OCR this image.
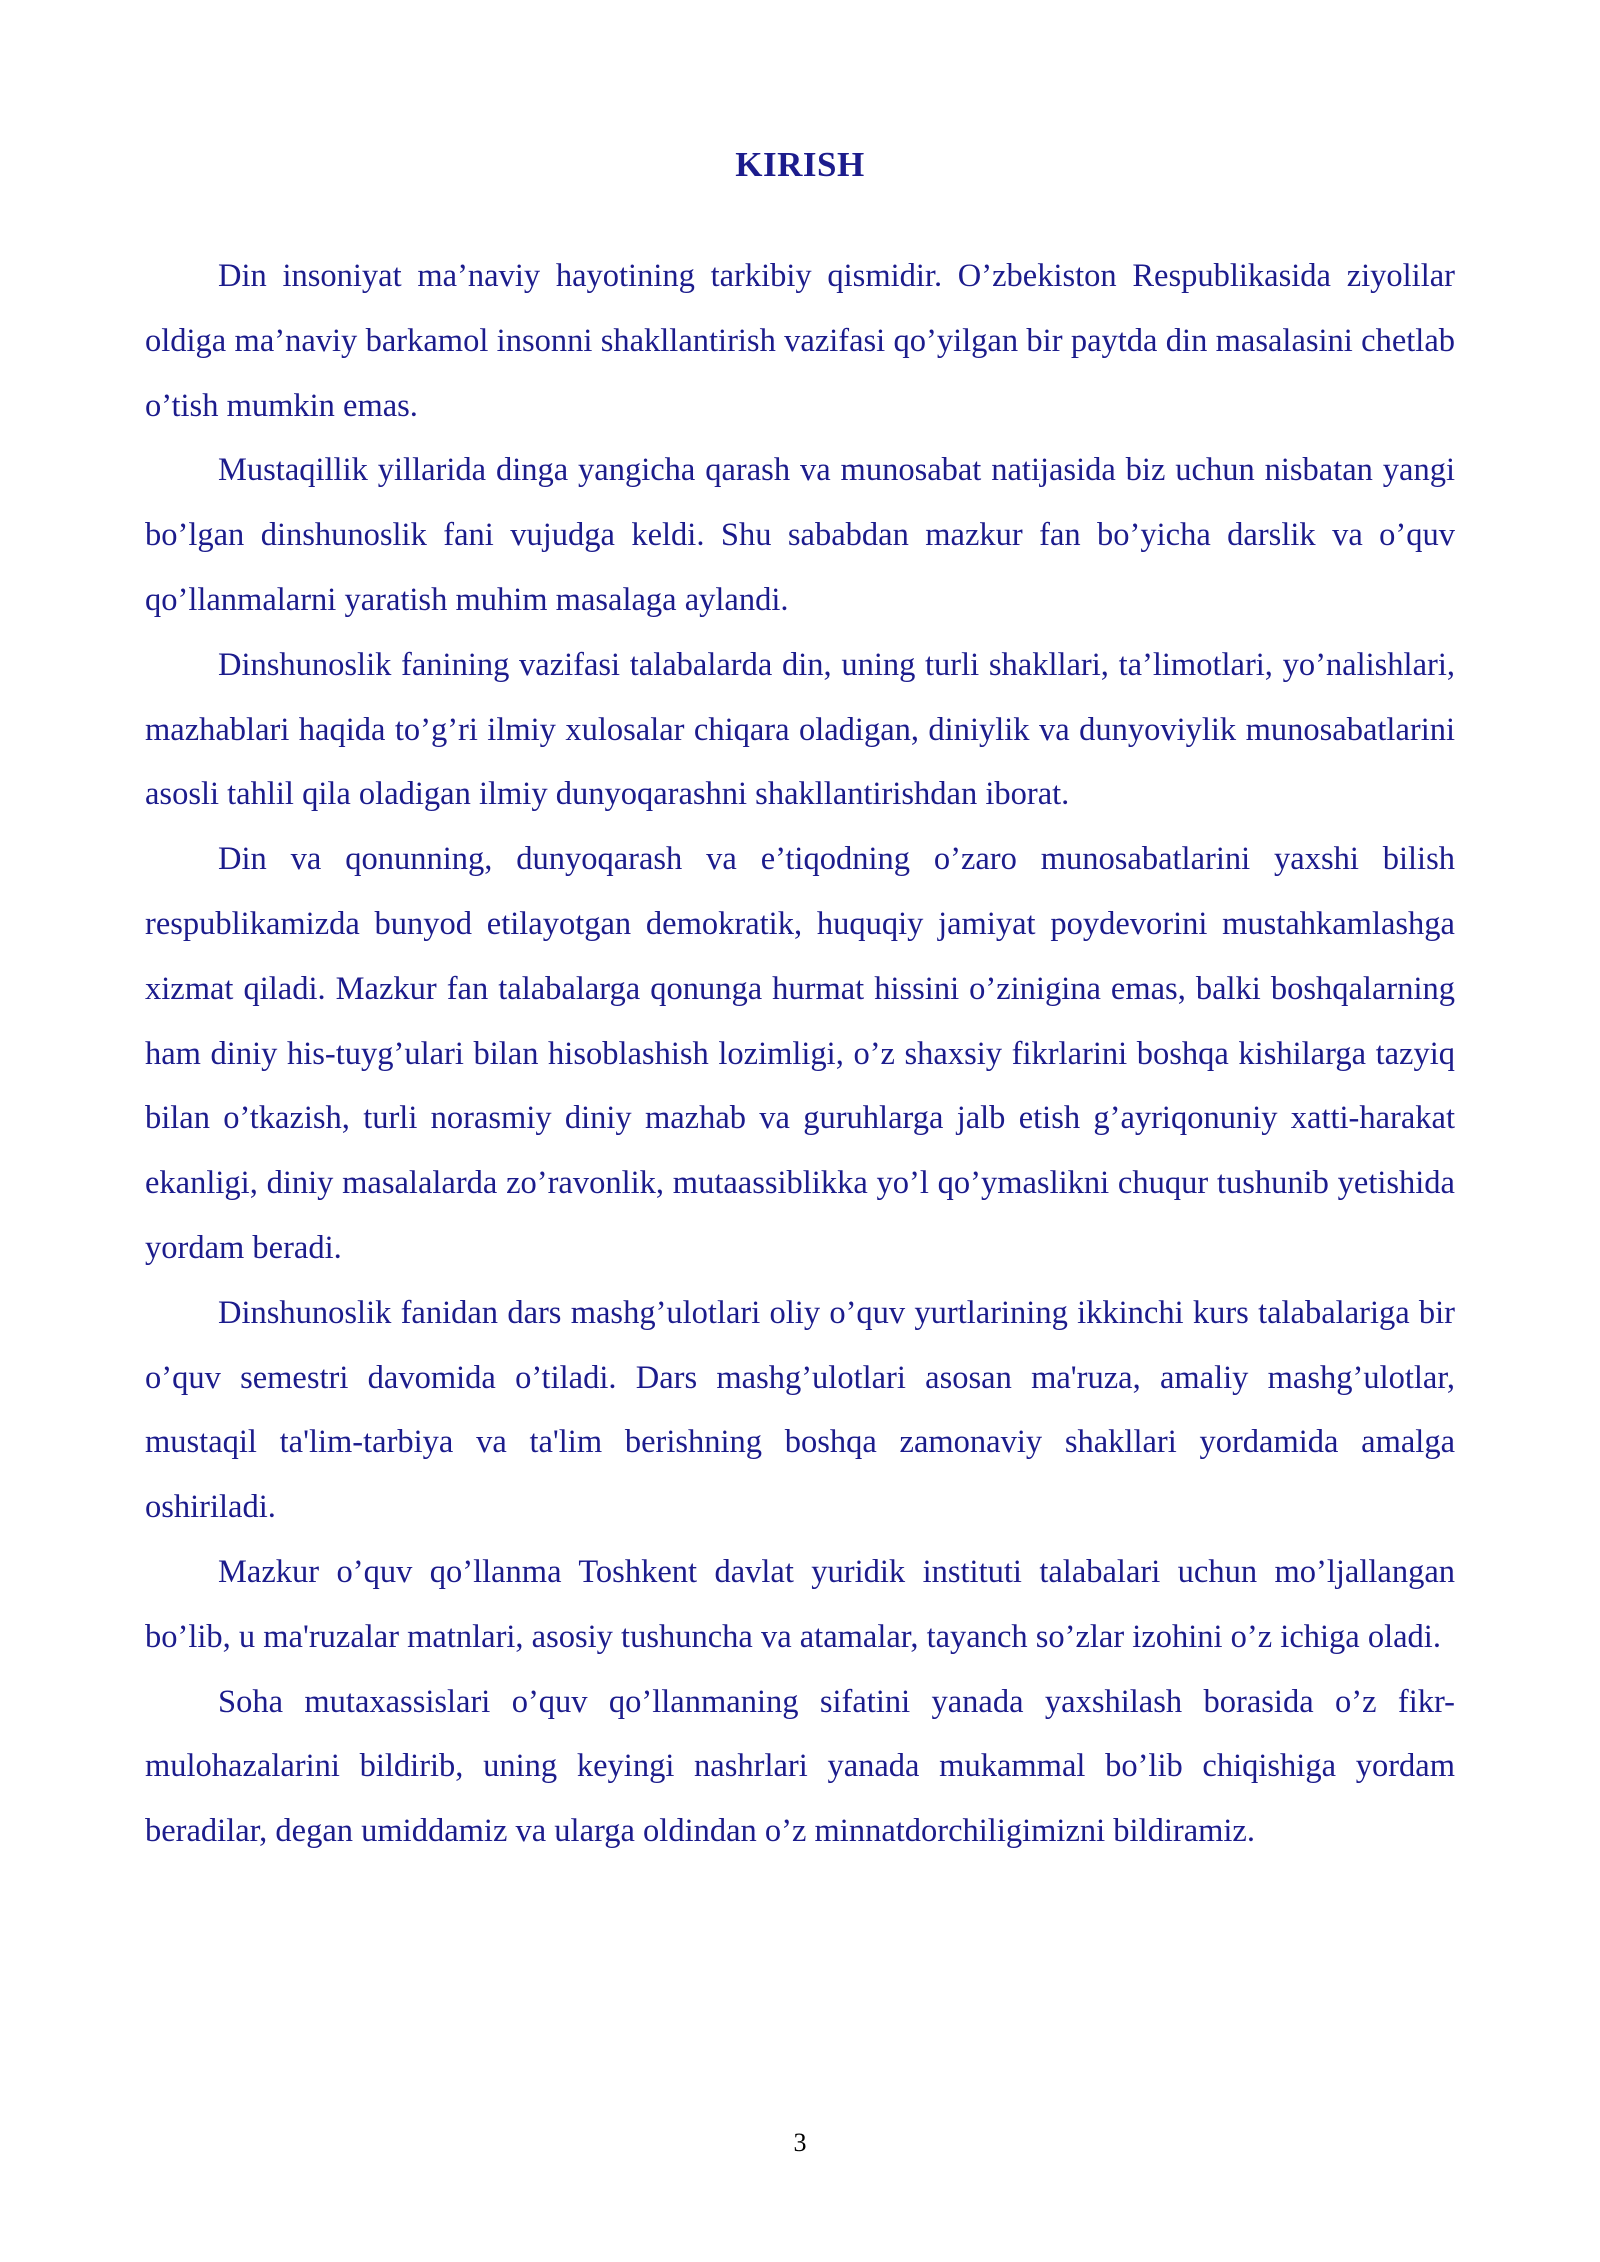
KIRISH

Din insoniyat ma’naviy hayotining tarkibiy qismidir. O’zbekiston Respublikasida ziyolilar oldiga ma’naviy barkamol insonni shakllantirish vazifasi qo’yilgan bir paytda din masalasini chetlab o’tish mumkin emas.

Mustaqillik yillarida dinga yangicha qarash va munosabat natijasida biz uchun nisbatan yangi bo’lgan dinshunoslik fani vujudga keldi. Shu sababdan mazkur fan bo’yicha darslik va o’quv qo’llanmalarni yaratish muhim masalaga aylandi.

Dinshunoslik fanining vazifasi talabalarda din, uning turli shakllari, ta’limotlari, yo’nalishlari, mazhablari haqida to’g’ri ilmiy xulosalar chiqara oladigan, diniylik va dunyoviylik munosabatlarini asosli tahlil qila oladigan ilmiy dunyoqarashni shakllantirishdan iborat.

Din va qonunning, dunyoqarash va e’tiqodning o’zaro munosabatlarini yaxshi bilish respublikamizda bunyod etilayotgan demokratik, huquqiy jamiyat poydevorini mustahkamlashga xizmat qiladi. Mazkur fan talabalarga qonunga hurmat hissini o’zinigina emas, balki boshqalarning ham diniy his-tuyg’ulari bilan hisoblashish lozimligi, o’z shaxsiy fikrlarini boshqa kishilarga tazyiq bilan o’tkazish, turli norasmiy diniy mazhab va guruhlarga jalb etish g’ayriqonuniy xatti-harakat ekanligi, diniy masalalarda zo’ravonlik, mutaassiblikka yo’l qo’ymaslikni chuqur tushunib yetishida yordam beradi.

Dinshunoslik fanidan dars mashg’ulotlari oliy o’quv yurtlarining ikkinchi kurs talabalariga bir o’quv semestri davomida o’tiladi. Dars mashg’ulotlari asosan ma'ruza, amaliy mashg’ulotlar, mustaqil ta'lim-tarbiya va ta'lim berishning boshqa zamonaviy shakllari yordamida amalga oshiriladi.

Mazkur o’quv qo’llanma Toshkent davlat yuridik instituti talabalari uchun mo’ljallangan bo’lib, u ma'ruzalar matnlari, asosiy tushuncha va atamalar, tayanch so’zlar izohini o’z ichiga oladi.

Soha mutaxassislari o’quv qo’llanmaning sifatini yanada yaxshilash borasida o’z fikr-mulohazalarini bildirib, uning keyingi nashrlari yanada mukammal bo’lib chiqishiga yordam beradilar, degan umiddamiz va ularga oldindan o’z minnatdorchiligimizni bildiramiz.

3
